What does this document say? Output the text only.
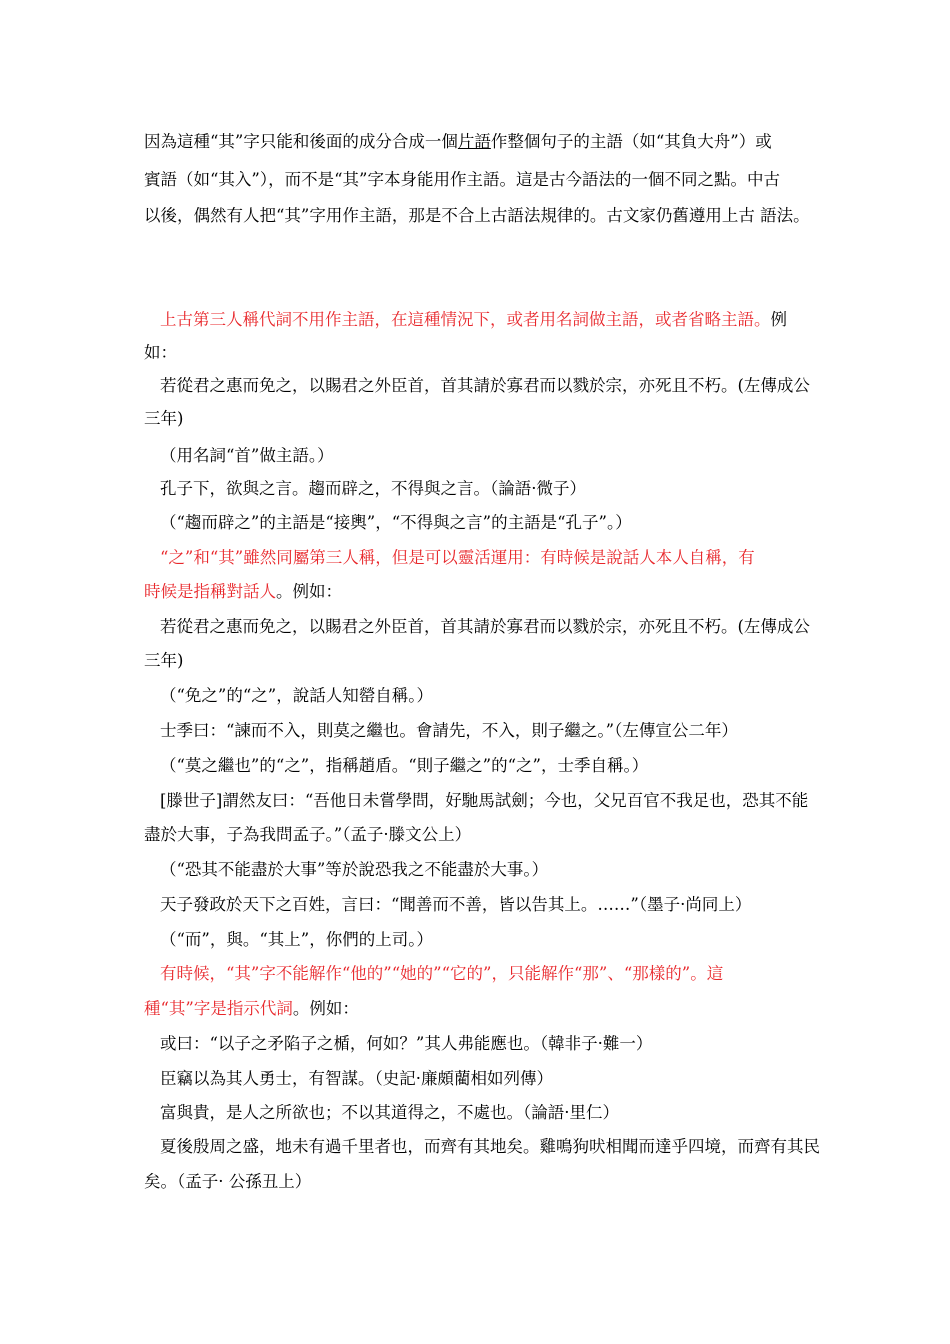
因為這種“其”字只能和後面的成分合成一個片語作整個句子的主語（如“其負大舟”）或
賓語（如“其入”），而不是“其”字本身能用作主語。這是古今語法的一個不同之點。中古
以後，偶然有人把“其”字用作主語，那是不合上古語法規律的。古文家仍舊遵用上古 語法。
上古第三人稱代詞不用作主語，在這種情況下，或者用名詞做主語，或者省略主語。例
如：
若從君之惠而免之，以賜君之外臣首，首其請於寡君而以戮於宗，亦死且不朽。(左傳成公
三年)
（用名詞“首”做主語。）
孔子下，欲與之言。趨而辟之，不得與之言。（論語·微子）
（“趨而辟之”的主語是“接輿”，“不得與之言”的主語是“孔子”。）
“之”和“其”雖然同屬第三人稱，但是可以靈活運用：有時候是說話人本人自稱，有
時候是指稱對話人。例如：
若從君之惠而免之，以賜君之外臣首，首其請於寡君而以戮於宗，亦死且不朽。(左傳成公
三年)
（“免之”的“之”，說話人知罃自稱。）
士季曰：“諫而不入，則莫之繼也。會請先，不入，則子繼之。”（左傳宣公二年）
（“莫之繼也”的“之”，指稱趙盾。“則子繼之”的“之”，士季自稱。）
[滕世子]謂然友曰：“吾他日未嘗學問，好馳馬試劍；今也，父兄百官不我足也，恐其不能
盡於大事，子為我問孟子。”（孟子·滕文公上）
（“恐其不能盡於大事”等於說恐我之不能盡於大事。）
天子發政於天下之百姓，言曰：“聞善而不善，皆以告其上。……”（墨子·尚同上）
（“而”，與。“其上”，你們的上司。）
有時候，“其”字不能解作“他的”“她的”“它的”，只能解作“那”、“那樣的”。這
種“其”字是指示代詞。例如：
或曰：“以子之矛陷子之楯，何如？”其人弗能應也。（韓非子·難一）
臣竊以為其人勇士，有智謀。（史記·廉頗藺相如列傳）
富與貴，是人之所欲也；不以其道得之，不處也。（論語·里仁）
夏後殷周之盛，地未有過千里者也，而齊有其地矣。雞鳴狗吠相聞而達乎四境，而齊有其民
矣。（孟子· 公孫丑上）
